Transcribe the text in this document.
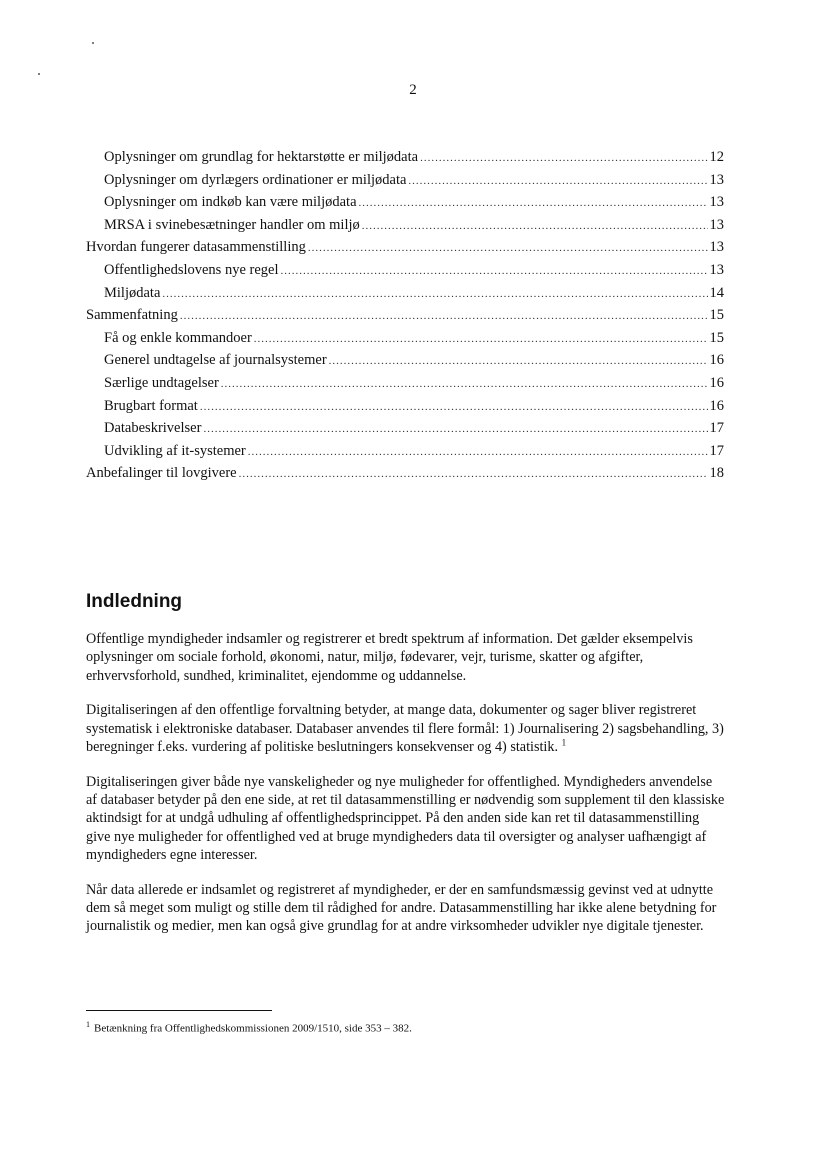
2
Oplysninger om grundlag for hektarstøtte er miljødata .....	12
Oplysninger om dyrlægers ordinationer er miljødata .....	13
Oplysninger om indkøb kan være miljødata .....	13
MRSA i svinebesætninger handler om miljø .....	13
Hvordan fungerer datasammenstilling .....	13
Offentlighedslovens nye regel .....	13
Miljødata .....	14
Sammenfatning .....	15
Få og enkle kommandoer .....	15
Generel undtagelse af journalsystemer .....	16
Særlige undtagelser .....	16
Brugbart format .....	16
Databeskrivelser .....	17
Udvikling af it-systemer .....	17
Anbefalinger til lovgivere .....	18
Indledning

Offentlige myndigheder indsamler og registrerer et bredt spektrum af information. Det gælder eksempelvis oplysninger om sociale forhold, økonomi, natur, miljø, fødevarer, vejr, turisme, skatter og afgifter, erhvervsforhold, sundhed, kriminalitet, ejendomme og uddannelse.

Digitaliseringen af den offentlige forvaltning betyder, at mange data, dokumenter og sager bliver registreret systematisk i elektroniske databaser. Databaser anvendes til flere formål: 1) Journalisering 2) sagsbehandling, 3) beregninger f.eks. vurdering af politiske beslutningers konsekvenser og 4) statistik. $^1$

Digitaliseringen giver både nye vanskeligheder og nye muligheder for offentlighed. Myndigheders anvendelse af databaser betyder på den ene side, at ret til datasammenstilling er nødvendig som supplement til den klassiske aktindsigt for at undgå udhuling af offentlighedsprincippet. På den anden side kan ret til datasammenstilling give nye muligheder for offentlighed ved at bruge myndigheders data til oversigter og analyser uafhængigt af myndigheders egne interesser.

Når data allerede er indsamlet og registreret af myndigheder, er der en samfundsmæssig gevinst ved at udnytte dem så meget som muligt og stille dem til rådighed for andre. Datasammenstilling har ikke alene betydning for journalistik og medier, men kan også give grundlag for at andre virksomheder udvikler nye digitale tjenester.

$^1$ Betænkning fra Offentlighedskommissionen 2009/1510, side 353 – 382.
